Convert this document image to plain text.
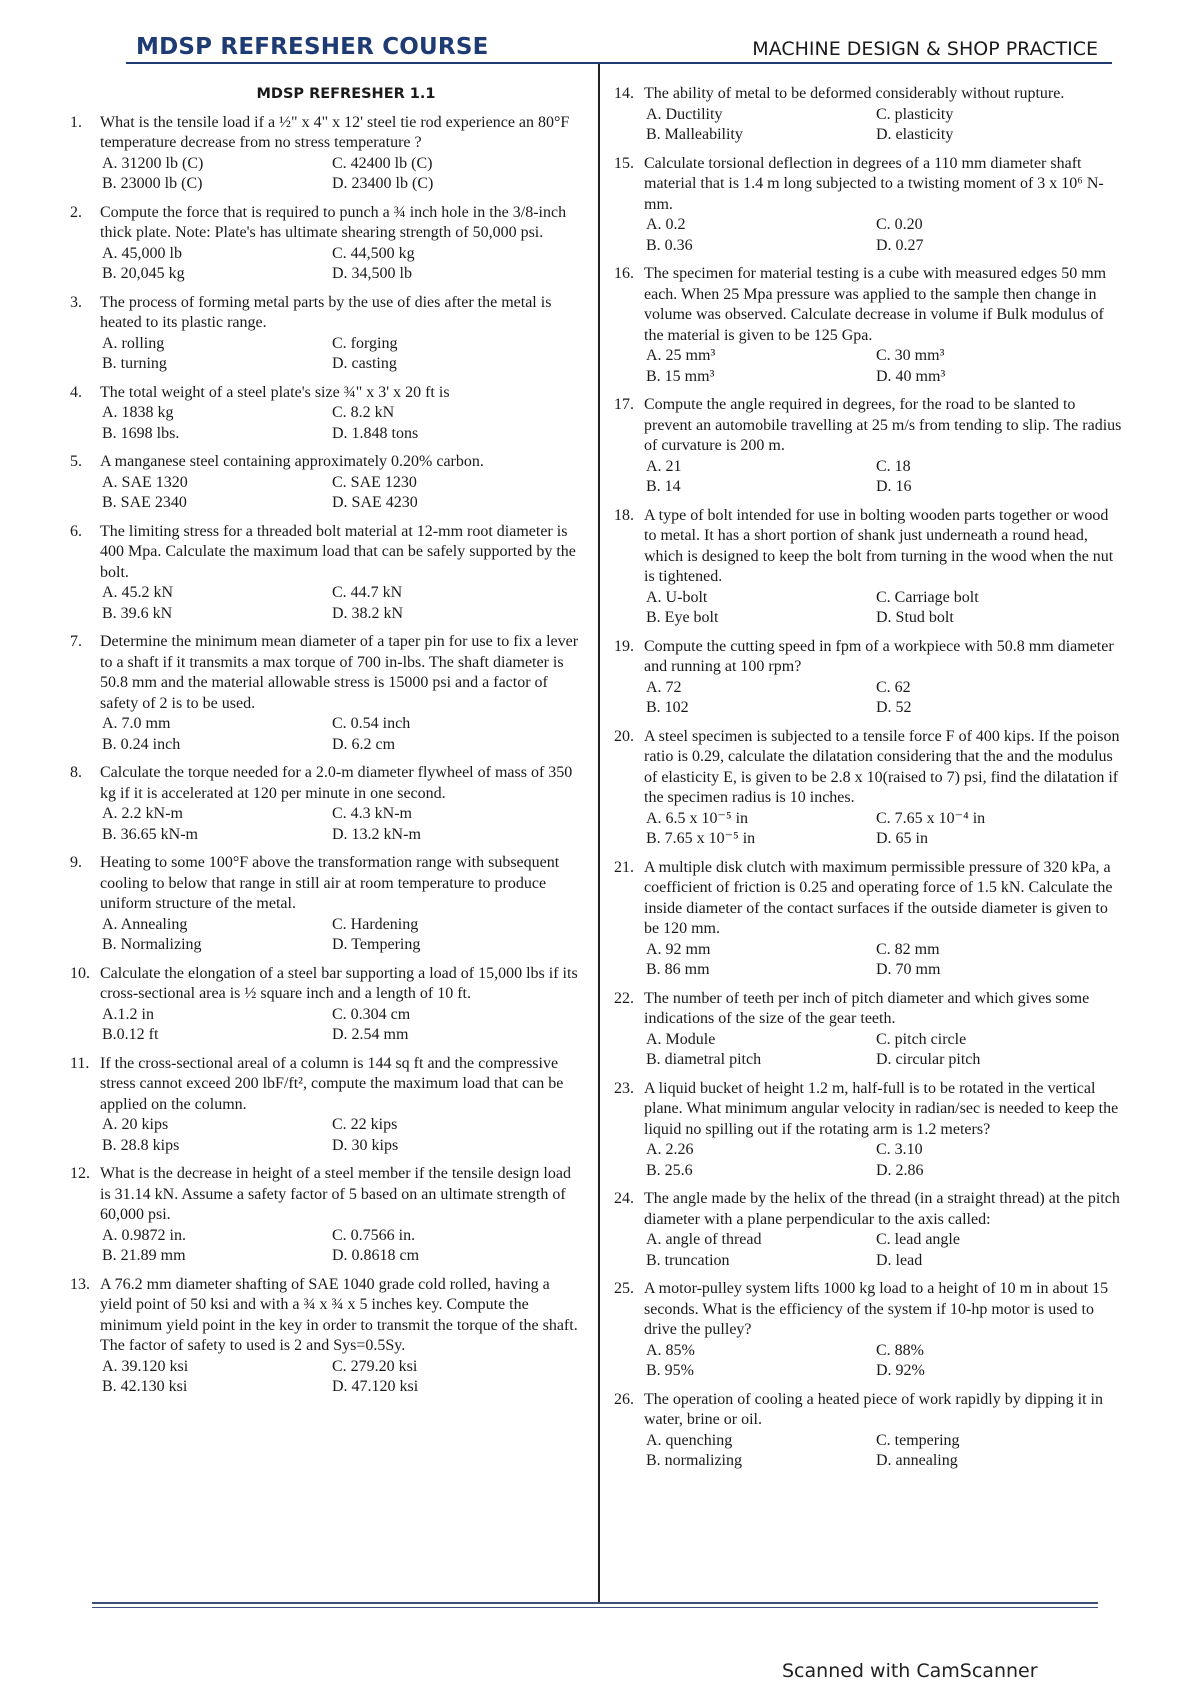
MDSP REFRESHER COURSE	MACHINE DESIGN & SHOP PRACTICE
MDSP REFRESHER 1.1
1.	What is the tensile load if a ½" x 4" x 12' steel tie rod experience an 80°F temperature decrease from no stress temperature ?
A. 31200 lb (C)	C. 42400 lb (C)
B. 23000 lb (C)	D. 23400 lb (C)
2.	Compute the force that is required to punch a ¾ inch hole in the 3/8-inch thick plate. Note: Plate's has ultimate shearing strength of 50,000 psi.
A. 45,000 lb	C. 44,500 kg
B. 20,045 kg	D. 34,500 lb
3.	The process of forming metal parts by the use of dies after the metal is heated to its plastic range.
A. rolling	C. forging
B. turning	D. casting
4.	The total weight of a steel plate's size ¾" x 3' x 20 ft is
A. 1838 kg	C. 8.2 kN
B. 1698 lbs.	D. 1.848 tons
5.	A manganese steel containing approximately 0.20% carbon.
A. SAE 1320	C. SAE 1230
B. SAE 2340	D. SAE 4230
6.	The limiting stress for a threaded bolt material at 12-mm root diameter is 400 Mpa. Calculate the maximum load that can be safely supported by the bolt.
A. 45.2 kN	C. 44.7 kN
B. 39.6 kN	D. 38.2 kN
7.	Determine the minimum mean diameter of a taper pin for use to fix a lever to a shaft if it transmits a max torque of 700 in-lbs. The shaft diameter is 50.8 mm and the material allowable stress is 15000 psi and a factor of safety of 2 is to be used.
A. 7.0 mm	C. 0.54 inch
B. 0.24 inch	D. 6.2 cm
8.	Calculate the torque needed for a 2.0-m diameter flywheel of mass of 350 kg if it is accelerated at 120 per minute in one second.
A. 2.2 kN-m	C. 4.3 kN-m
B. 36.65 kN-m	D. 13.2 kN-m
9.	Heating to some 100°F above the transformation range with subsequent cooling to below that range in still air at room temperature to produce uniform structure of the metal.
A. Annealing	C. Hardening
B. Normalizing	D. Tempering
10. Calculate the elongation of a steel bar supporting a load of 15,000 lbs if its cross-sectional area is ½ square inch and a length of 10 ft.
A.1.2 in	C. 0.304 cm
B.0.12 ft	D. 2.54 mm
11. If the cross-sectional areal of a column is 144 sq ft and the compressive stress cannot exceed 200 lbF/ft², compute the maximum load that can be applied on the column.
A. 20 kips	C. 22 kips
B. 28.8 kips	D. 30 kips
12. What is the decrease in height of a steel member if the tensile design load is 31.14 kN. Assume a safety factor of 5 based on an ultimate strength of 60,000 psi.
A. 0.9872 in.	C. 0.7566 in.
B. 21.89 mm	D. 0.8618 cm
13. A 76.2 mm diameter shafting of SAE 1040 grade cold rolled, having a yield point of 50 ksi and with a ¾ x ¾ x 5 inches key. Compute the minimum yield point in the key in order to transmit the torque of the shaft. The factor of safety to used is 2 and Sys=0.5Sy.
A. 39.120 ksi	C. 279.20 ksi
B. 42.130 ksi	D. 47.120 ksi
14. The ability of metal to be deformed considerably without rupture.
A. Ductility	C. plasticity
B. Malleability	D. elasticity
15. Calculate torsional deflection in degrees of a 110 mm diameter shaft material that is 1.4 m long subjected to a twisting moment of 3 x 10⁶ N-mm.
A. 0.2	C. 0.20
B. 0.36	D. 0.27
16. The specimen for material testing is a cube with measured edges 50 mm each. When 25 Mpa pressure was applied to the sample then change in volume was observed. Calculate decrease in volume if Bulk modulus of the material is given to be 125 Gpa.
A. 25 mm³	C. 30 mm³
B. 15 mm³	D. 40 mm³
17. Compute the angle required in degrees, for the road to be slanted to prevent an automobile travelling at 25 m/s from tending to slip. The radius of curvature is 200 m.
A. 21	C. 18
B. 14	D. 16
18. A type of bolt intended for use in bolting wooden parts together or wood to metal. It has a short portion of shank just underneath a round head, which is designed to keep the bolt from turning in the wood when the nut is tightened.
A. U-bolt	C. Carriage bolt
B. Eye bolt	D. Stud bolt
19. Compute the cutting speed in fpm of a workpiece with 50.8 mm diameter and running at 100 rpm?
A. 72	C. 62
B. 102	D. 52
20. A steel specimen is subjected to a tensile force F of 400 kips. If the poison ratio is 0.29, calculate the dilatation considering that the and the modulus of elasticity E, is given to be 2.8 x 10(raised to 7) psi, find the dilatation if the specimen radius is 10 inches.
A. 6.5 x 10⁻⁵ in	C. 7.65 x 10⁻⁴ in
B. 7.65 x 10⁻⁵ in	D. 65 in
21. A multiple disk clutch with maximum permissible pressure of 320 kPa, a coefficient of friction is 0.25 and operating force of 1.5 kN. Calculate the inside diameter of the contact surfaces if the outside diameter is given to be 120 mm.
A. 92 mm	C. 82 mm
B. 86 mm	D. 70 mm
22. The number of teeth per inch of pitch diameter and which gives some indications of the size of the gear teeth.
A. Module	C. pitch circle
B. diametral pitch	D. circular pitch
23. A liquid bucket of height 1.2 m, half-full is to be rotated in the vertical plane. What minimum angular velocity in radian/sec is needed to keep the liquid no spilling out if the rotating arm is 1.2 meters?
A. 2.26	C. 3.10
B. 25.6	D. 2.86
24. The angle made by the helix of the thread (in a straight thread) at the pitch diameter with a plane perpendicular to the axis called:
A. angle of thread	C. lead angle
B. truncation	D. lead
25. A motor-pulley system lifts 1000 kg load to a height of 10 m in about 15 seconds. What is the efficiency of the system if 10-hp motor is used to drive the pulley?
A. 85%	C. 88%
B. 95%	D. 92%
26. The operation of cooling a heated piece of work rapidly by dipping it in water, brine or oil.
A. quenching	C. tempering
B. normalizing	D. annealing
Scanned with CamScanner
